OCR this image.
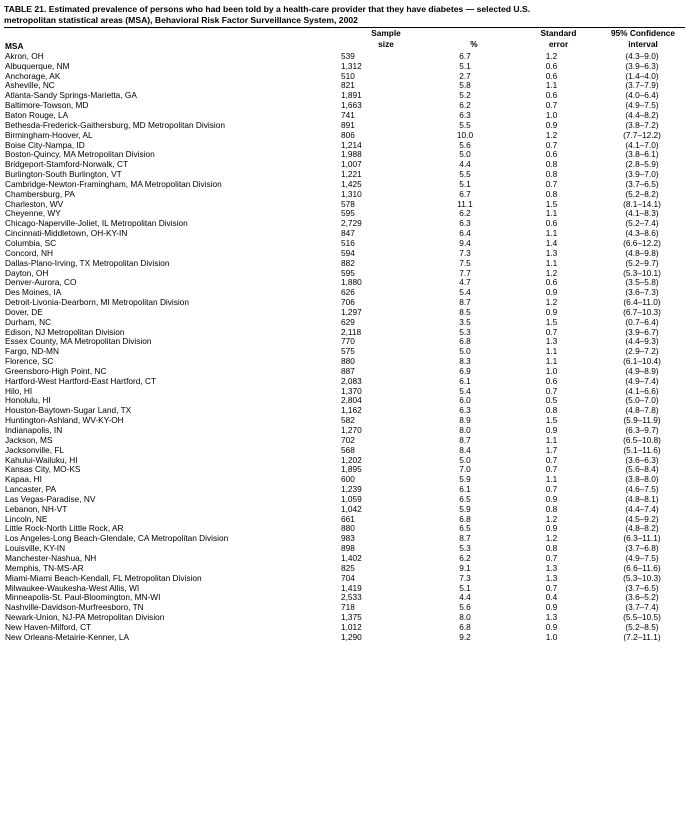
TABLE 21. Estimated prevalence of persons who had been told by a health-care provider that they have diabetes — selected U.S.
metropolitan statistical areas (MSA), Behavioral Risk Factor Surveillance System, 2002
MSA	Sample		Standard	95% Confidence
	size	%	error	interval
Akron, OH	539	6.7	1.2	(4.3–9.0)
Albuquerque, NM	1,312	5.1	0.6	(3.9–6.3)
Anchorage, AK	510	2.7	0.6	(1.4–4.0)
Asheville, NC	821	5.8	1.1	(3.7–7.9)
Atlanta-Sandy Springs-Marietta, GA	1,891	5.2	0.6	(4.0–6.4)
Baltimore-Towson, MD	1,663	6.2	0.7	(4.9–7.5)
Baton Rouge, LA	741	6.3	1.0	(4.4–8.2)
Bethesda-Frederick-Gaithersburg, MD Metropolitan Division	891	5.5	0.9	(3.8–7.2)
Birmingham-Hoover, AL	806	10.0	1.2	(7.7–12.2)
Boise City-Nampa, ID	1,214	5.6	0.7	(4.1–7.0)
Boston-Quincy, MA Metropolitan Division	1,988	5.0	0.6	(3.8–6.1)
Bridgeport-Stamford-Norwalk, CT	1,007	4.4	0.8	(2.8–5.9)
Burlington-South Burlington, VT	1,221	5.5	0.8	(3.9–7.0)
Cambridge-Newton-Framingham, MA Metropolitan Division	1,425	5.1	0.7	(3.7–6.5)
Chambersburg, PA	1,310	6.7	0.8	(5.2–8.2)
Charleston, WV	578	11.1	1.5	(8.1–14.1)
Cheyenne, WY	595	6.2	1.1	(4.1–8.3)
Chicago-Naperville-Joliet, IL Metropolitan Division	2,729	6.3	0.6	(5.2–7.4)
Cincinnati-Middletown, OH-KY-IN	847	6.4	1.1	(4.3–8.6)
Columbia, SC	516	9.4	1.4	(6.6–12.2)
Concord, NH	594	7.3	1.3	(4.8–9.8)
Dallas-Plano-Irving, TX Metropolitan Division	882	7.5	1.1	(5.2–9.7)
Dayton, OH	595	7.7	1.2	(5.3–10.1)
Denver-Aurora, CO	1,880	4.7	0.6	(3.5–5.8)
Des Moines, IA	626	5.4	0.9	(3.6–7.3)
Detroit-Livonia-Dearborn, MI Metropolitan Division	706	8.7	1.2	(6.4–11.0)
Dover, DE	1,297	8.5	0.9	(6.7–10.3)
Durham, NC	629	3.5	1.5	(0.7–6.4)
Edison, NJ Metropolitan Division	2,118	5.3	0.7	(3.9–6.7)
Essex County, MA Metropolitan Division	770	6.8	1.3	(4.4–9.3)
Fargo, ND-MN	575	5.0	1.1	(2.9–7.2)
Florence, SC	880	8.3	1.1	(6.1–10.4)
Greensboro-High Point, NC	887	6.9	1.0	(4.9–8.9)
Hartford-West Hartford-East Hartford, CT	2,083	6.1	0.6	(4.9–7.4)
Hilo, HI	1,370	5.4	0.7	(4.1–6.6)
Honolulu, HI	2,804	6.0	0.5	(5.0–7.0)
Houston-Baytown-Sugar Land, TX	1,162	6.3	0.8	(4.8–7.8)
Huntington-Ashland, WV-KY-OH	582	8.9	1.5	(5.9–11.9)
Indianapolis, IN	1,270	8.0	0.9	(6.3–9.7)
Jackson, MS	702	8.7	1.1	(6.5–10.8)
Jacksonville, FL	568	8.4	1.7	(5.1–11.6)
Kahului-Wailuku, HI	1,202	5.0	0.7	(3.6–6.3)
Kansas City, MO-KS	1,895	7.0	0.7	(5.6–8.4)
Kapaa, HI	600	5.9	1.1	(3.8–8.0)
Lancaster, PA	1,239	6.1	0.7	(4.6–7.5)
Las Vegas-Paradise, NV	1,059	6.5	0.9	(4.8–8.1)
Lebanon, NH-VT	1,042	5.9	0.8	(4.4–7.4)
Lincoln, NE	661	6.8	1.2	(4.5–9.2)
Little Rock-North Little Rock, AR	880	6.5	0.9	(4.8–8.2)
Los Angeles-Long Beach-Glendale, CA Metropolitan Division	983	8.7	1.2	(6.3–11.1)
Louisville, KY-IN	898	5.3	0.8	(3.7–6.8)
Manchester-Nashua, NH	1,402	6.2	0.7	(4.9–7.5)
Memphis, TN-MS-AR	825	9.1	1.3	(6.6–11.6)
Miami-Miami Beach-Kendall, FL Metropolitan Division	704	7.3	1.3	(5.3–10.3)
Milwaukee-Waukesha-West Allis, WI	1,419	5.1	0.7	(3.7–6.5)
Minneapolis-St. Paul-Bloomington, MN-WI	2,533	4.4	0.4	(3.6–5.2)
Nashville-Davidson-Murfreesboro, TN	718	5.6	0.9	(3.7–7.4)
Newark-Union, NJ-PA Metropolitan Division	1,375	8.0	1.3	(5.5–10.5)
New Haven-Milford, CT	1,012	6.8	0.9	(5.2–8.5)
New Orleans-Metairie-Kenner, LA	1,290	9.2	1.0	(7.2–11.1)
